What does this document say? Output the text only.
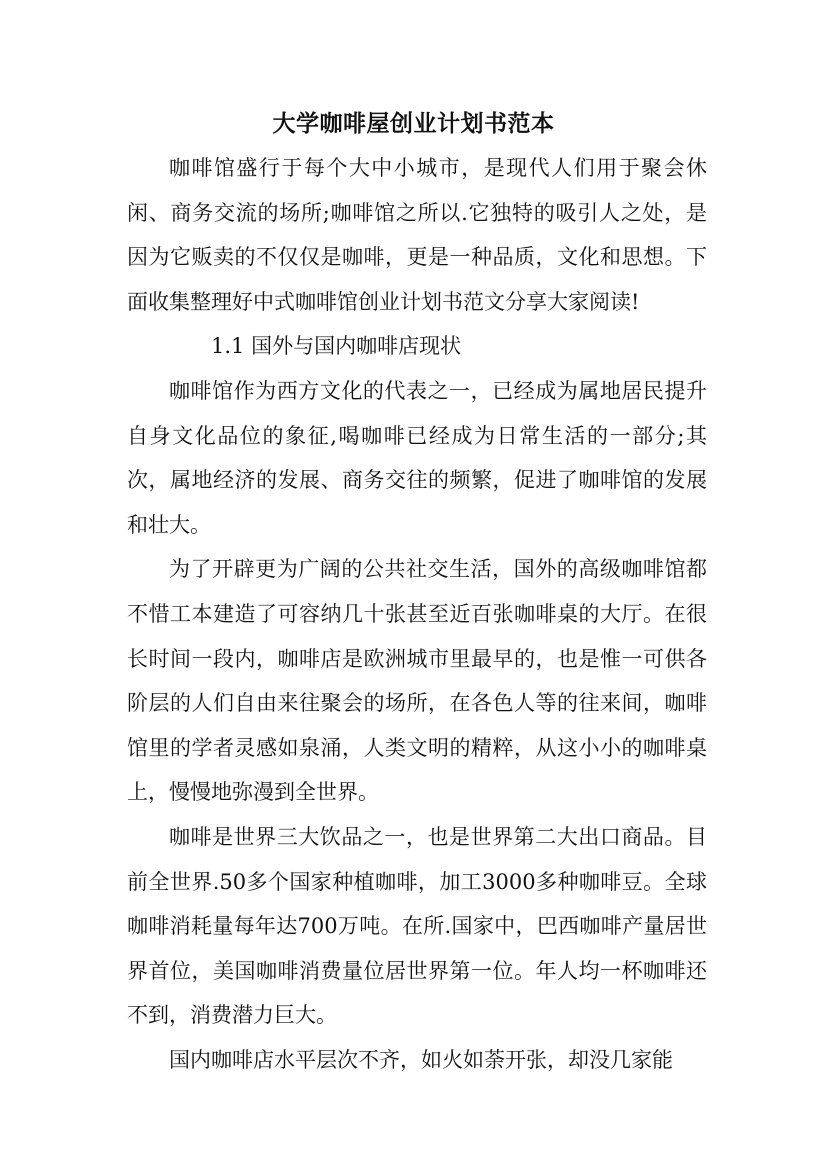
大学咖啡屋创业计划书范本

咖啡馆盛行于每个大中小城市，是现代人们用于聚会休闲、商务交流的场所;咖啡馆之所以.它独特的吸引人之处，是因为它贩卖的不仅仅是咖啡，更是一种品质，文化和思想。下面收集整理好中式咖啡馆创业计划书范文分享大家阅读!

1.1 国外与国内咖啡店现状

咖啡馆作为西方文化的代表之一，已经成为属地居民提升自身文化品位的象征,喝咖啡已经成为日常生活的一部分;其次，属地经济的发展、商务交往的频繁，促进了咖啡馆的发展和壮大。

为了开辟更为广阔的公共社交生活，国外的高级咖啡馆都不惜工本建造了可容纳几十张甚至近百张咖啡桌的大厅。在很长时间一段内，咖啡店是欧洲城市里最早的，也是惟一可供各阶层的人们自由来往聚会的场所，在各色人等的往来间，咖啡馆里的学者灵感如泉涌，人类文明的精粹，从这小小的咖啡桌上，慢慢地弥漫到全世界。

咖啡是世界三大饮品之一，也是世界第二大出口商品。目前全世界.50多个国家种植咖啡，加工3000多种咖啡豆。全球咖啡消耗量每年达700万吨。在所.国家中，巴西咖啡产量居世界首位，美国咖啡消费量位居世界第一位。年人均一杯咖啡还不到，消费潜力巨大。

国内咖啡店水平层次不齐，如火如荼开张，却没几家能
